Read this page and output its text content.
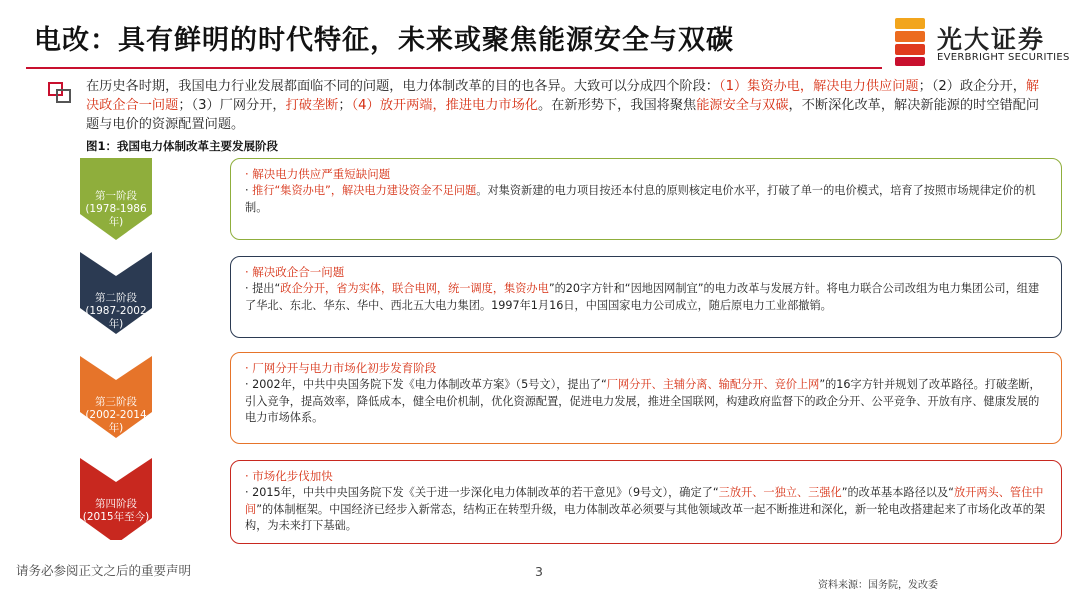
电改：具有鲜明的时代特征，未来或聚焦能源安全与双碳	光大证券
EVERBRIGHT SECURITIES
在历史各时期，我国电力行业发展都面临不同的问题，电力体制改革的目的也各异。大致可以分成四个阶段：（1）集资办电，解决电力供应问题；（2）政企分开，解决政企合一问题；（3）厂网分开，打破垄断；（4）放开两端，推进电力市场化。在新形势下，我国将聚焦能源安全与双碳，不断深化改革，解决新能源的时空错配问题与电价的资源配置问题。
图1：我国电力体制改革主要发展阶段
第一阶段
(1978-1986年)
· 解决电力供应严重短缺问题
· 推行“集资办电”，解决电力建设资金不足问题。对集资新建的电力项目按还本付息的原则核定电价水平，打破了单一的电价模式，培育了按照市场规律定价的机制。
第二阶段
(1987-2002年)
· 解决政企合一问题
· 提出“政企分开，省为实体，联合电网，统一调度，集资办电”的20字方针和“因地因网制宜”的电力改革与发展方针。将电力联合公司改组为电力集团公司，组建了华北、东北、华东、华中、西北五大电力集团。1997年1月16日，中国国家电力公司成立，随后原电力工业部撤销。
第三阶段
(2002-2014年)
· 厂网分开与电力市场化初步发育阶段
· 2002年，中共中央国务院下发《电力体制改革方案》（5号文），提出了“厂网分开、主辅分离、输配分开、竞价上网”的16字方针并规划了改革路径。打破垄断，引入竞争，提高效率，降低成本，健全电价机制，优化资源配置，促进电力发展，推进全国联网，构建政府监督下的政企分开、公平竞争、开放有序、健康发展的电力市场体系。
第四阶段
(2015年至今)
· 市场化步伐加快
· 2015年，中共中央国务院下发《关于进一步深化电力体制改革的若干意见》（9号文），确定了“三放开、一独立、三强化”的改革基本路径以及“放开两头、管住中间”的体制框架。中国经济已经步入新常态，结构正在转型升级，电力体制改革必须要与其他领域改革一起不断推进和深化，新一轮电改搭建起来了市场化改革的架构，为未来打下基础。
请务必参阅正文之后的重要声明	3
资料来源：国务院，发改委
